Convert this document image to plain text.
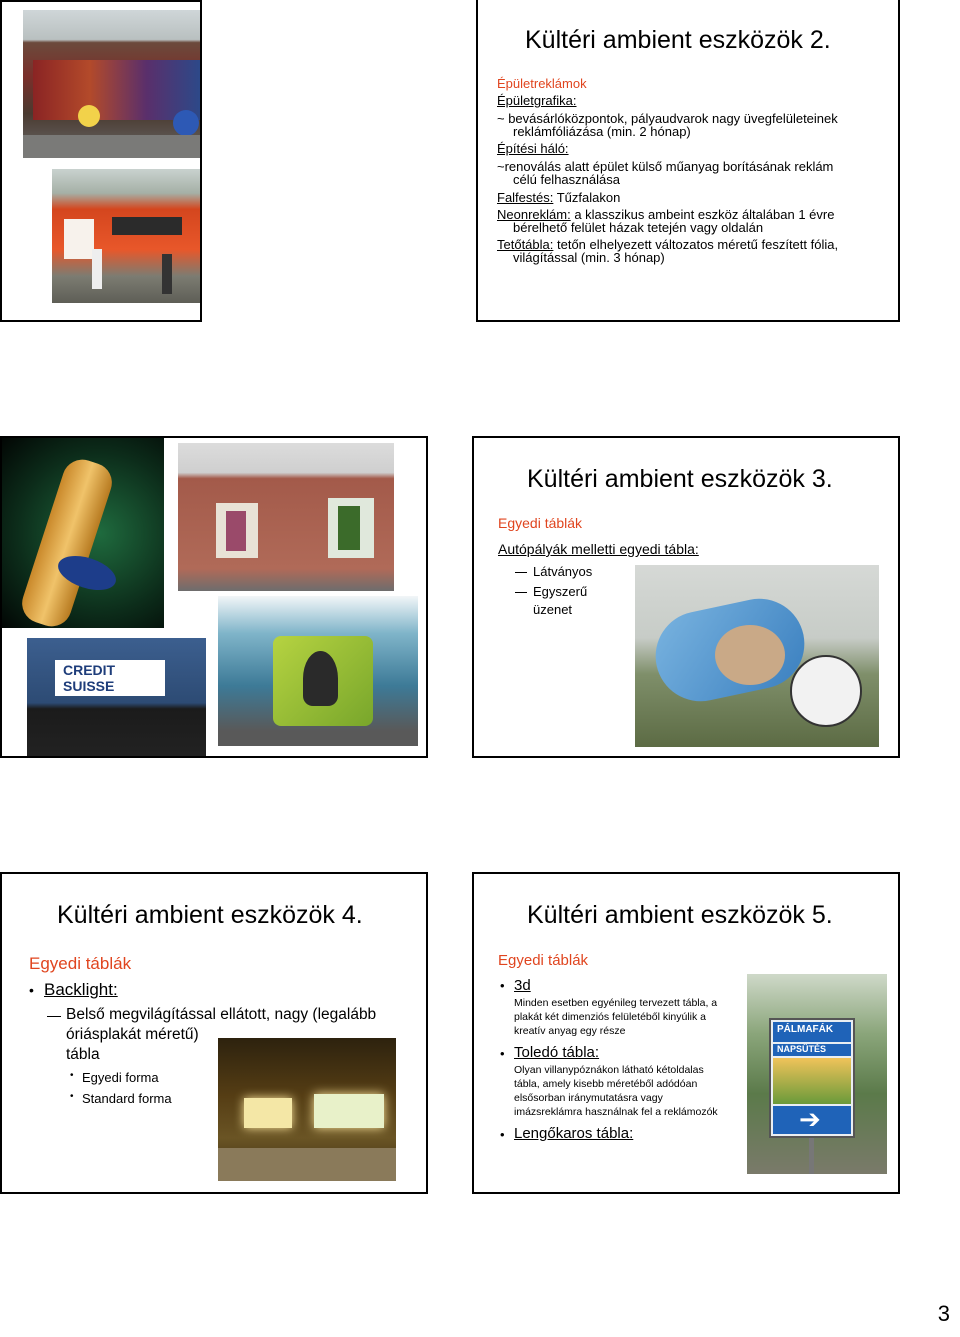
Kültéri ambient eszközök 2.
Épületreklámok
Épületgrafika:
~ bevásárlóközpontok, pályaudvarok nagy üvegfelületeinek
reklámfóliázása (min. 2 hónap)
Építési háló:
~renoválás alatt épület külső műanyag borításának reklám
célú felhasználása
Falfestés: Tűzfalakon
Neonreklám: a klasszikus ambeint eszköz általában 1 évre
bérelhető felület házak tetején vagy oldalán
Tetőtábla: tetőn elhelyezett változatos méretű feszített fólia,
világítással (min. 3 hónap)
CREDIT
SUISSE
Kültéri ambient eszközök 3.
Egyedi táblák
Autópályák melletti egyedi tábla:
Látványos
Egyszerű
üzenet
Kültéri ambient eszközök 4.
Egyedi táblák
• Backlight:
Belső megvilágítással ellátott, nagy (legalább
óriásplakát méretű)
tábla
• Egyedi forma
• Standard forma
Kültéri ambient eszközök 5.
Egyedi táblák
• 3d
Minden esetben egyénileg tervezett tábla, a
plakát két dimenziós felületéből kinyúlik a
kreatív anyag egy része
• Toledó tábla:
Olyan villanypóznákon látható kétoldalas
tábla, amely kisebb méretéből adódóan
elsősorban iránymutatásra vagy
imázsreklámra használnak fel a reklámozók
• Lengőkaros tábla:
PÁLMAFÁK
NAPSÜTÉS
➔
3
